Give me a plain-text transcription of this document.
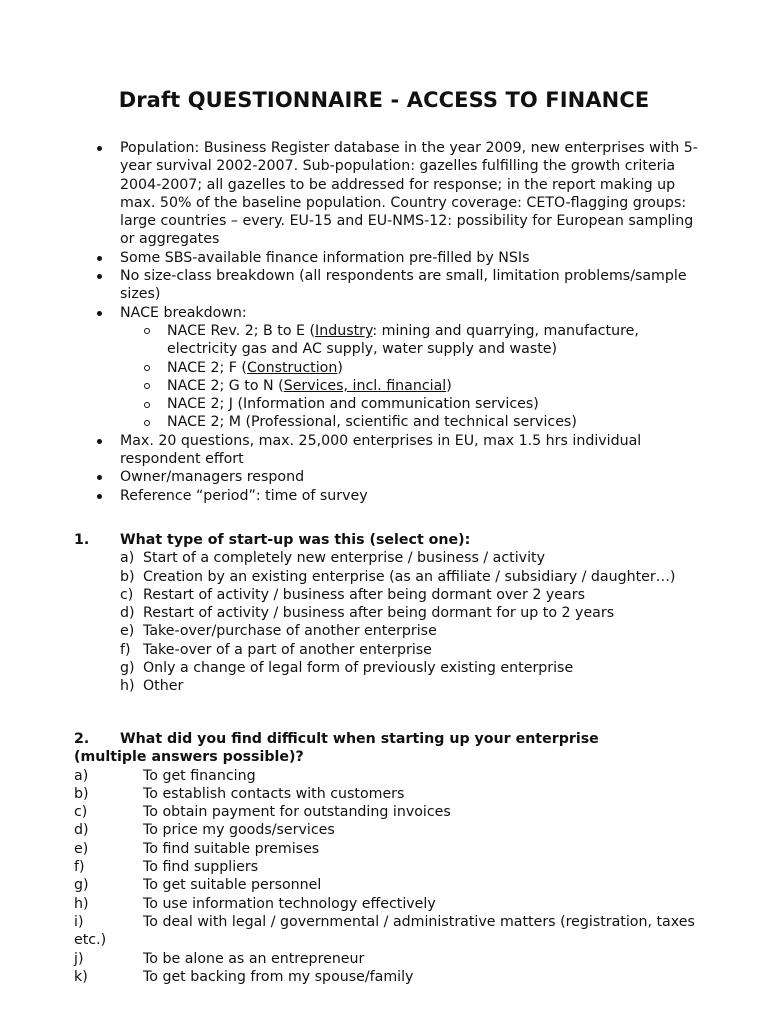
Draft QUESTIONNAIRE - ACCESS TO FINANCE
Population: Business Register database in the year 2009, new enterprises with 5-year survival 2002-2007. Sub-population: gazelles fulfilling the growth criteria 2004-2007; all gazelles to be addressed for response; in the report making up max. 50% of the baseline population. Country coverage: CETO-flagging groups: large countries – every. EU-15 and EU-NMS-12: possibility for European sampling or aggregates
Some SBS-available finance information pre-filled by NSIs
No size-class breakdown (all respondents are small, limitation problems/sample sizes)
NACE breakdown:
NACE Rev. 2; B to E (Industry: mining and quarrying, manufacture, electricity gas and AC supply, water supply and waste)
NACE 2; F (Construction)
NACE 2; G to N (Services, incl. financial)
NACE 2; J (Information and communication services)
NACE 2; M (Professional, scientific and technical services)
Max. 20 questions, max. 25,000 enterprises in EU, max 1.5 hrs individual respondent effort
Owner/managers respond
Reference “period”: time of survey
1. What type of start-up was this (select one):
a) Start of a completely new enterprise / business / activity
b) Creation by an existing enterprise (as an affiliate / subsidiary / daughter…)
c) Restart of activity / business after being dormant over 2 years
d) Restart of activity / business after being dormant for up to 2 years
e) Take-over/purchase of another enterprise
f) Take-over of a part of another enterprise
g) Only a change of legal form of previously existing enterprise
h) Other
2. What did you find difficult when starting up your enterprise (multiple answers possible)?
a)	To get financing
b)	To establish contacts with customers
c)	To obtain payment for outstanding invoices
d)	To price my goods/services
e)	To find suitable premises
f)	To find suppliers
g)	To get suitable personnel
h)	To use information technology effectively
i)	To deal with legal / governmental / administrative matters (registration, taxes etc.)
j)	To be alone as an entrepreneur
k)	To get backing from my spouse/family
